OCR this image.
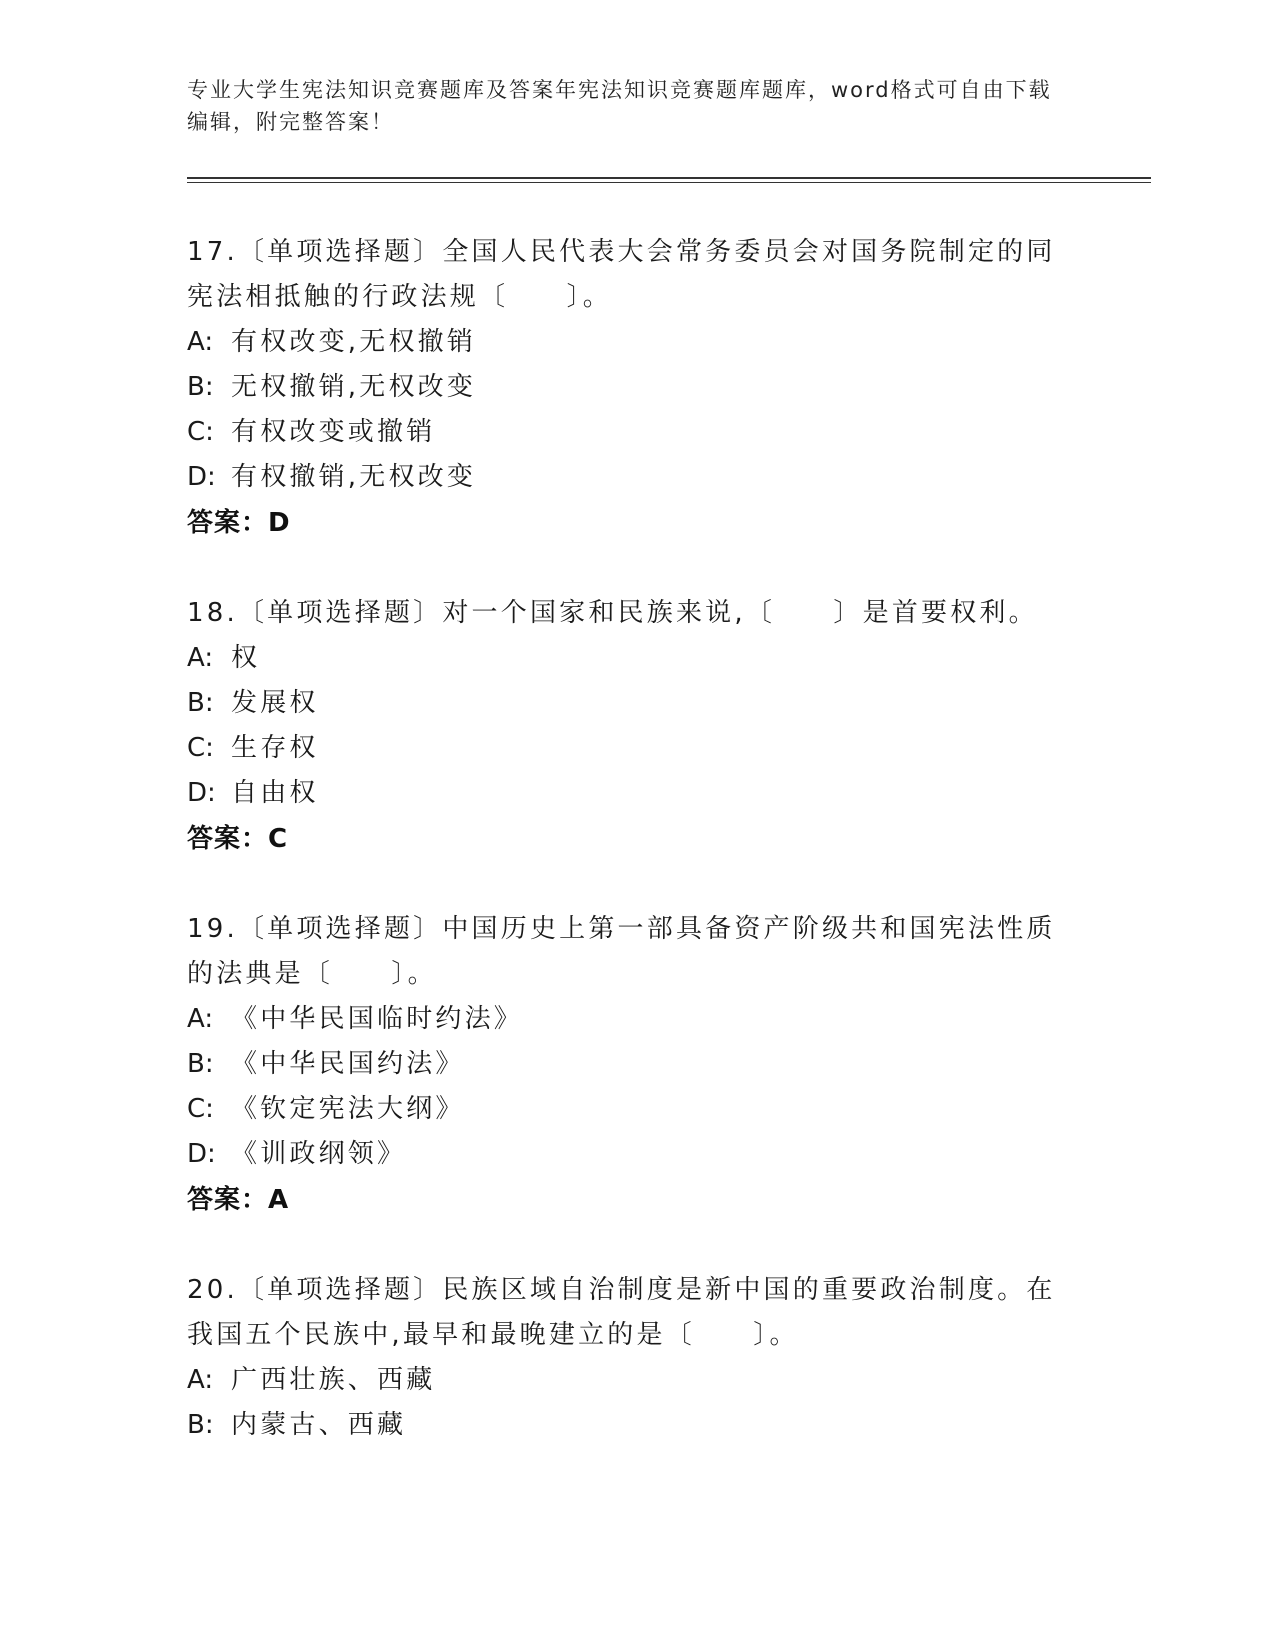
专业大学生宪法知识竞赛题库及答案年宪法知识竞赛题库题库，word格式可自由下载编辑，附完整答案！
17.〔单项选择题〕全国人民代表大会常务委员会对国务院制定的同宪法相抵触的行政法规〔　　〕。
A: 有权改变,无权撤销
B: 无权撤销,无权改变
C: 有权改变或撤销
D: 有权撤销,无权改变
答案：D
18.〔单项选择题〕对一个国家和民族来说,〔　　〕是首要权利。
A: 权
B: 发展权
C: 生存权
D: 自由权
答案：C
19.〔单项选择题〕中国历史上第一部具备资产阶级共和国宪法性质的法典是〔　　〕。
A: 《中华民国临时约法》
B: 《中华民国约法》
C: 《钦定宪法大纲》
D: 《训政纲领》
答案：A
20.〔单项选择题〕民族区域自治制度是新中国的重要政治制度。在我国五个民族中,最早和最晚建立的是〔　　〕。
A: 广西壮族、西藏
B: 内蒙古、西藏
